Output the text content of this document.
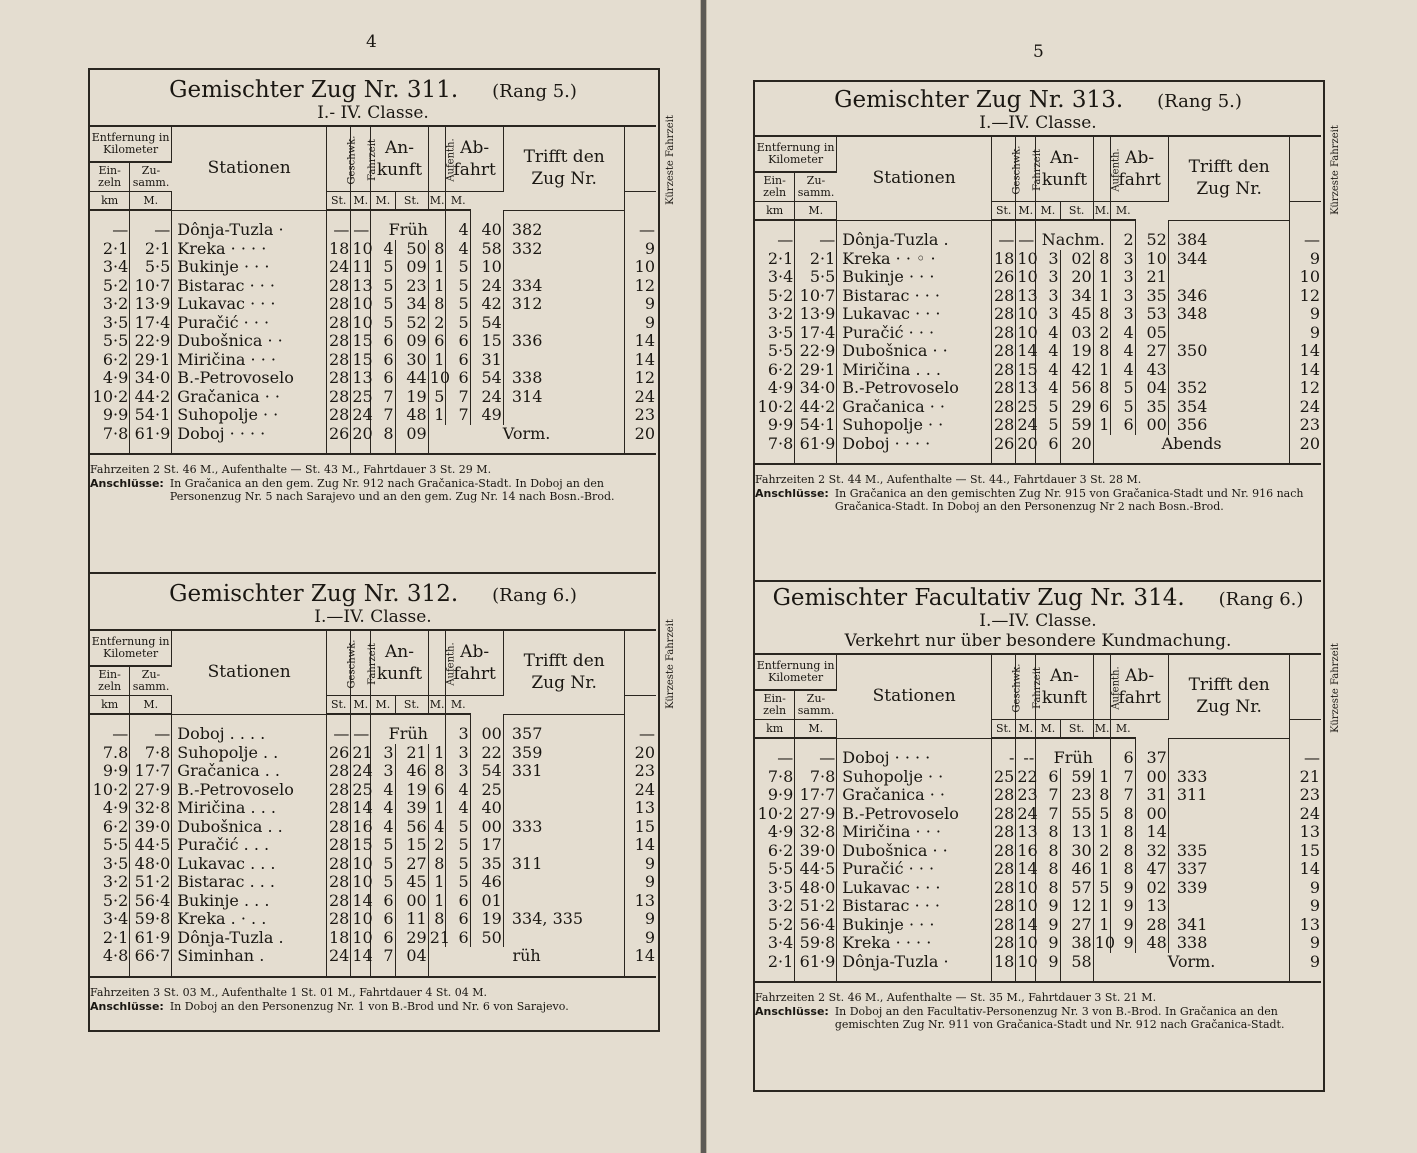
4
Gemischter Zug Nr. 311. (Rang 5.)
I.- IV. Classe.
Entfernung in Kilometer		Stationen	Geschwk.	Fahrzeit	An-kunft		Aufenth.	Ab-fahrt		Trifft den Zug Nr.	Kürzeste Fahrzeit
Ein-zeln	Zu-samm.										
km	M.		St.	M.	M.	St.	M.	M.			
—	—	Dônja-Tuzla ·	—	—	Früh			4	40	382	—
2·1	2·1	Kreka · · · ·	18	10	4	50	8	4	58	332	9
3·4	5·5	Bukinje · · ·	24	11	5	09	1	5	10		10
5·2	10·7	Bistarac · · ·	28	13	5	23	1	5	24	334	12
3·2	13·9	Lukavac · · ·	28	10	5	34	8	5	42	312	9
3·5	17·4	Puračić · · ·	28	10	5	52	2	5	54		9
5·5	22·9	Dubošnica · ·	28	15	6	09	6	6	15	336	14
6·2	29·1	Miričina · · ·	28	15	6	30	1	6	31		14
4·9	34·0	B.-Petrovoselo	28	13	6	44	10	6	54	338	12
10·2	44·2	Gračanica · ·	28	25	7	19	5	7	24	314	24
9·9	54·1	Suhopolje · ·	28	24	7	48	1	7	49		23
7·8	61·9	Doboj · · · ·	26	20	8	09	Vorm.				20
Fahrzeiten 2 St. 46 M., Aufenthalte — St. 43 M., Fahrtdauer 3 St. 29 M.
Anschlüsse: In Gračanica an den gem. Zug Nr. 912 nach Gračanica-Stadt. In Doboj an den Personenzug Nr. 5 nach Sarajevo und an den gem. Zug Nr. 14 nach Bosn.-Brod.
Gemischter Zug Nr. 312. (Rang 6.)
I.—IV. Classe.
Entfernung in Kilometer		Stationen	Geschwk.	Fahrzeit	An-kunft		Aufenth.	Ab-fahrt		Trifft den Zug Nr.	Kürzeste Fahrzeit
Ein-zeln	Zu-samm.										
km	M.		St.	M.	M.	St.	M.	M.			
—	—	Doboj . . . .	—	—	Früh			3	00	357	—
7.8	7·8	Suhopolje . .	26	21	3	21	1	3	22	359	20
9·9	17·7	Gračanica . .	28	24	3	46	8	3	54	331	23
10·2	27·9	B.-Petrovoselo	28	25	4	19	6	4	25		24
4·9	32·8	Miričina . . .	28	14	4	39	1	4	40		13
6·2	39·0	Dubošnica . .	28	16	4	56	4	5	00	333	15
5·5	44·5	Puračić . . .	28	15	5	15	2	5	17		14
3·5	48·0	Lukavac . . .	28	10	5	27	8	5	35	311	9
3·2	51·2	Bistarac . . .	28	10	5	45	1	5	46		9
5·2	56·4	Bukinje . . .	28	14	6	00	1	6	01		13
3·4	59·8	Kreka . · . .	28	10	6	11	8	6	19	334, 335	9
2·1	61·9	Dônja-Tuzla .	18	10	6	29	21	6	50		9
4·8	66·7	Siminhan .	24	14	7	04	rüh				14
Fahrzeiten 3 St. 03 M., Aufenthalte 1 St. 01 M., Fahrtdauer 4 St. 04 M.
Anschlüsse: In Doboj an den Personenzug Nr. 1 von B.-Brod und Nr. 6 von Sarajevo.
5
Gemischter Zug Nr. 313. (Rang 5.)
I.—IV. Classe.
Entfernung in Kilometer		Stationen	Geschwk.	Fahrzeit	An-kunft		Aufenth.	Ab-fahrt		Trifft den Zug Nr.	Kürzeste Fahrzeit
Ein-zeln	Zu-samm.										
km	M.		St.	M.	M.	St.	M.	M.			
—	—	Dônja-Tuzla .	—	—	Nachm.			2	52	384	—
2·1	2·1	Kreka · · ◦ ·	18	10	3	02	8	3	10	344	9
3·4	5·5	Bukinje · · ·	26	10	3	20	1	3	21		10
5·2	10·7	Bistarac · · ·	28	13	3	34	1	3	35	346	12
3·2	13·9	Lukavac · · ·	28	10	3	45	8	3	53	348	9
3·5	17·4	Puračić · · ·	28	10	4	03	2	4	05		9
5·5	22·9	Dubošnica · ·	28	14	4	19	8	4	27	350	14
6·2	29·1	Miričina . . .	28	15	4	42	1	4	43		14
4·9	34·0	B.-Petrovoselo	28	13	4	56	8	5	04	352	12
10·2	44·2	Gračanica · ·	28	25	5	29	6	5	35	354	24
9·9	54·1	Suhopolje · ·	28	24	5	59	1	6	00	356	23
7·8	61·9	Doboj · · · ·	26	20	6	20	Abends				20
Fahrzeiten 2 St. 44 M., Aufenthalte — St. 44., Fahrtdauer 3 St. 28 M.
Anschlüsse: In Gračanica an den gemischten Zug Nr. 915 von Gračanica-Stadt und Nr. 916 nach Gračanica-Stadt. In Doboj an den Personenzug Nr 2 nach Bosn.-Brod.
Gemischter Facultativ Zug Nr. 314. (Rang 6.)
I.—IV. Classe.
Verkehrt nur über besondere Kundmachung.
Entfernung in Kilometer		Stationen	Geschwk.	Fahrzeit	An-kunft		Aufenth.	Ab-fahrt		Trifft den Zug Nr.	Kürzeste Fahrzeit
Ein-zeln	Zu-samm.										
km	M.		St.	M.	M.	St.	M.	M.			
—	—	Doboj · · · ·	-	--	Früh			6	37		—
7·8	7·8	Suhopolje · ·	25	22	6	59	1	7	00	333	21
9·9	17·7	Gračanica · ·	28	23	7	23	8	7	31	311	23
10·2	27·9	B.-Petrovoselo	28	24	7	55	5	8	00		24
4·9	32·8	Miričina · · ·	28	13	8	13	1	8	14		13
6·2	39·0	Dubošnica · ·	28	16	8	30	2	8	32	335	15
5·5	44·5	Puračić · · ·	28	14	8	46	1	8	47	337	14
3·5	48·0	Lukavac · · ·	28	10	8	57	5	9	02	339	9
3·2	51·2	Bistarac · · ·	28	10	9	12	1	9	13		9
5·2	56·4	Bukinje · · ·	28	14	9	27	1	9	28	341	13
3·4	59·8	Kreka · · · ·	28	10	9	38	10	9	48	338	9
2·1	61·9	Dônja-Tuzla ·	18	10	9	58	Vorm.				9
Fahrzeiten 2 St. 46 M., Aufenthalte — St. 35 M., Fahrtdauer 3 St. 21 M.
Anschlüsse: In Doboj an den Facultativ-Personenzug Nr. 3 von B.-Brod. In Gračanica an den gemischten Zug Nr. 911 von Gračanica-Stadt und Nr. 912 nach Gračanica-Stadt.
